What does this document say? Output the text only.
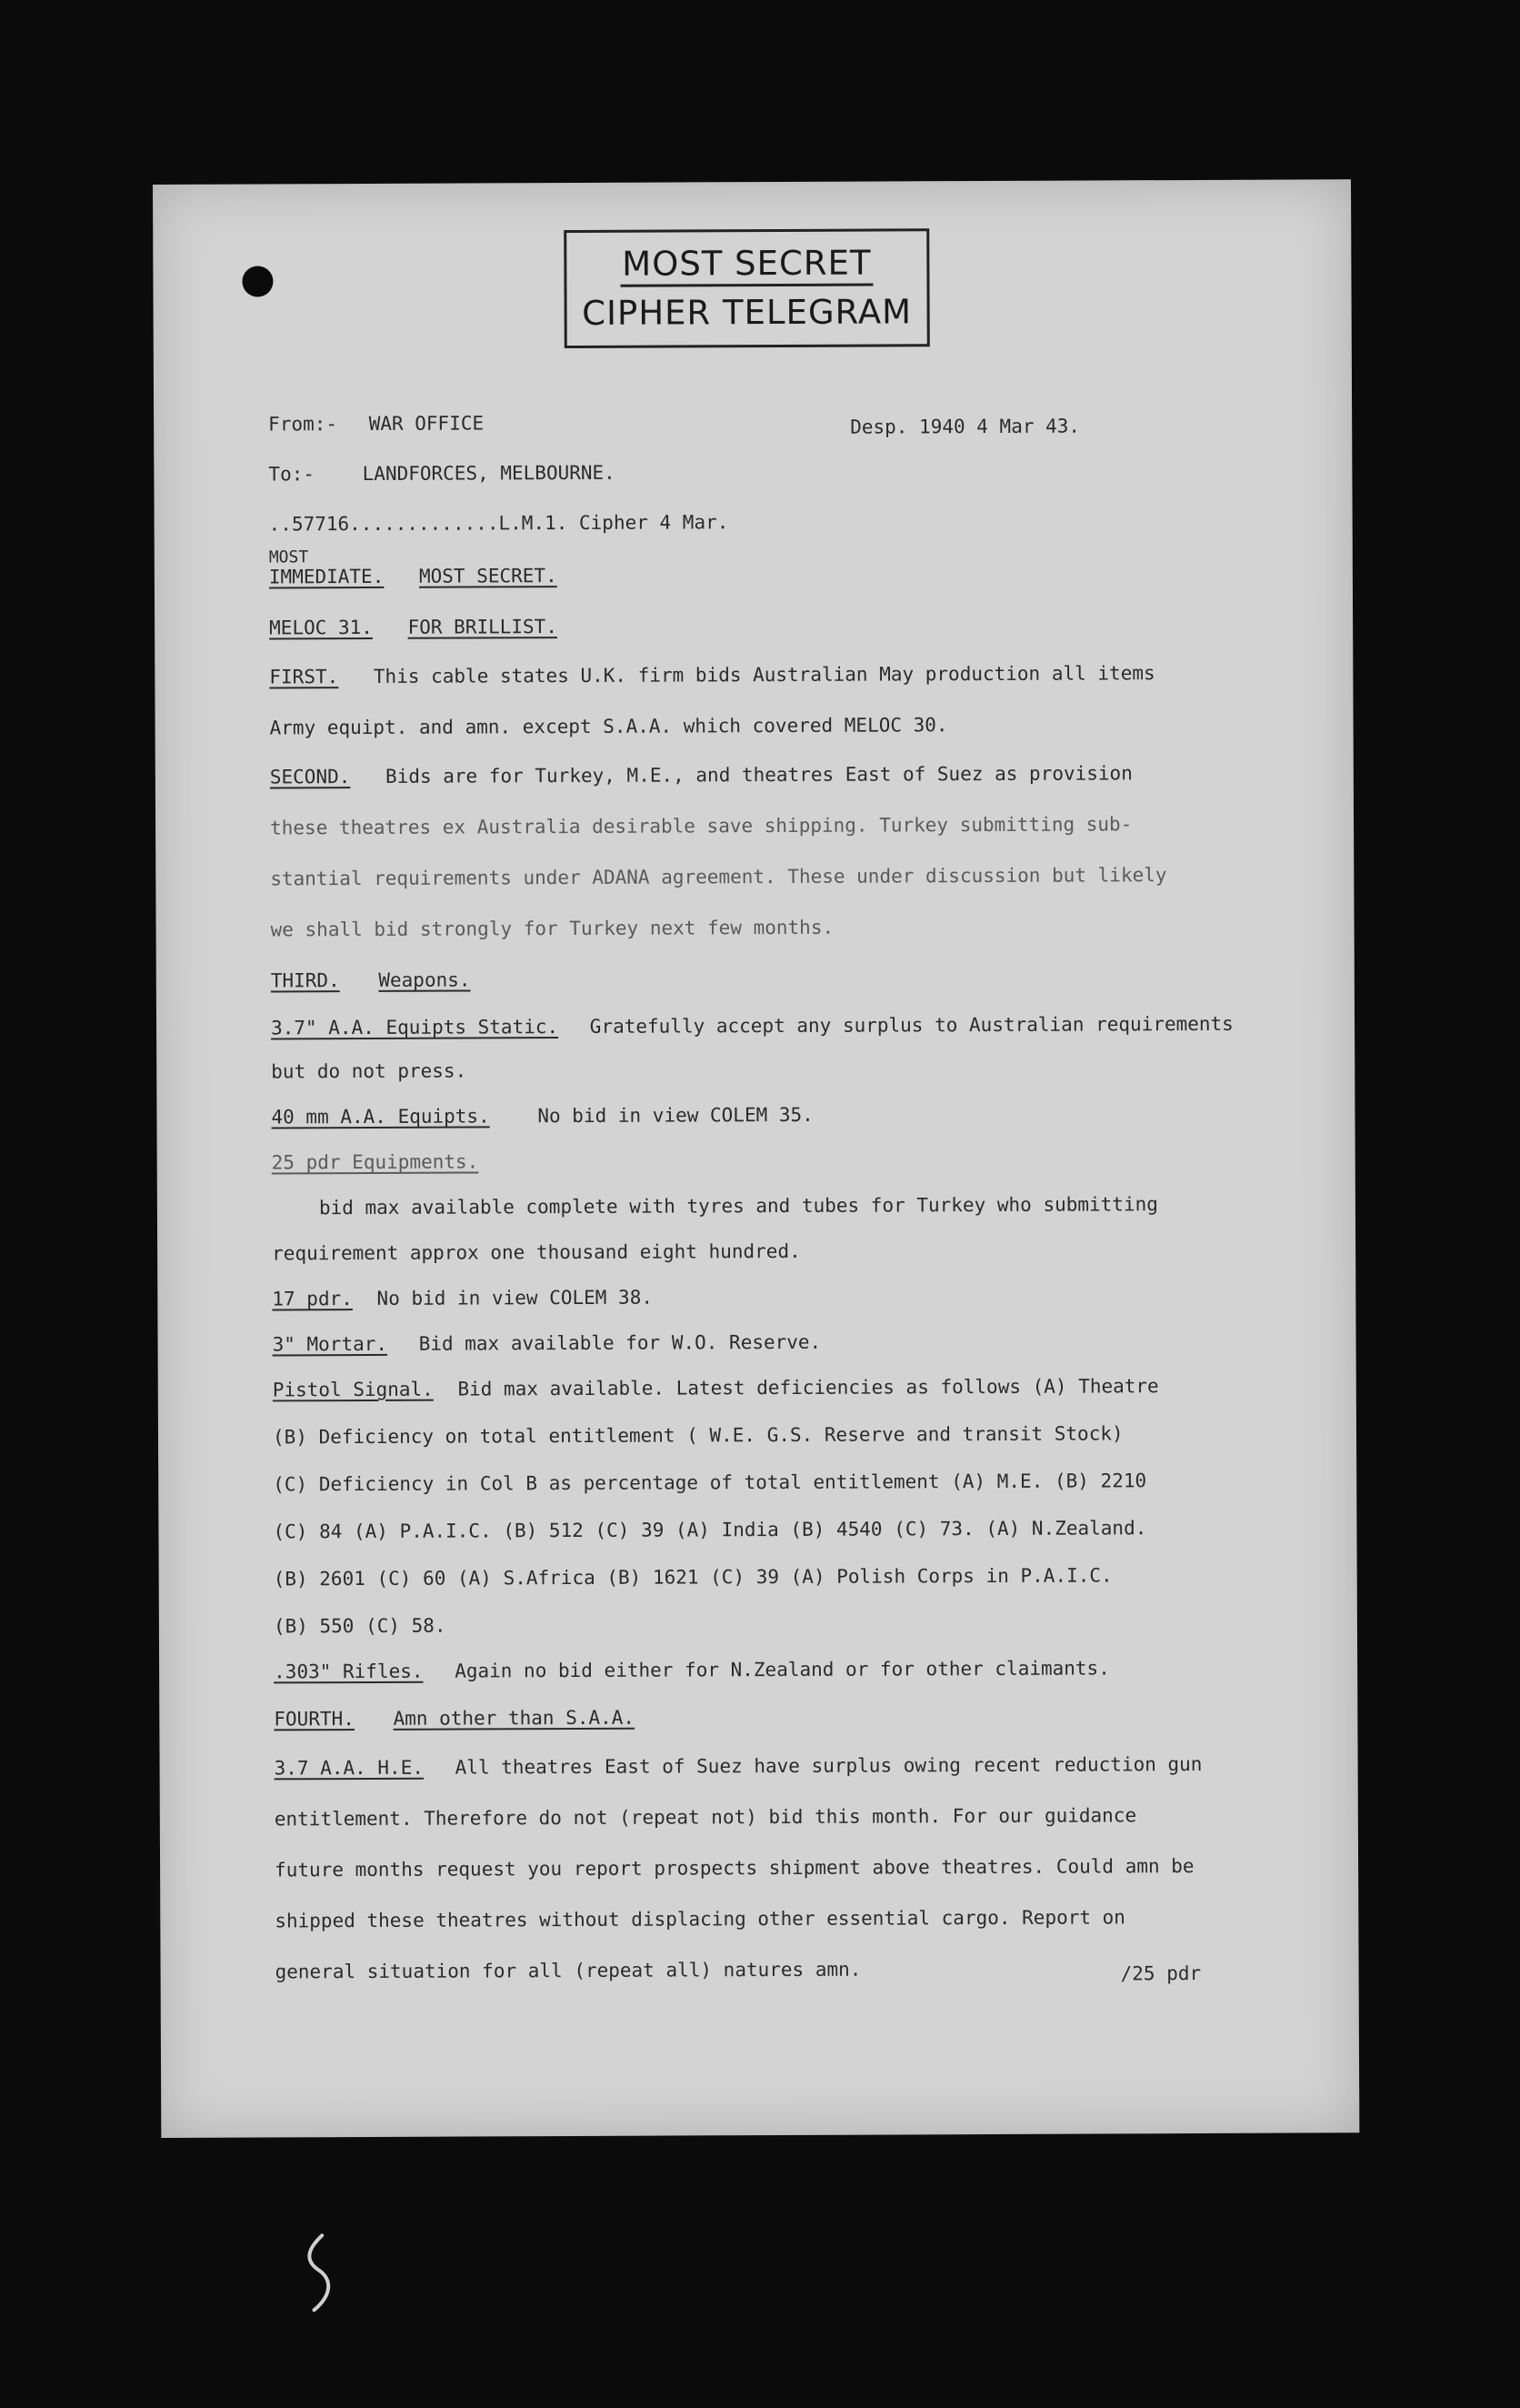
MOST SECRET
CIPHER TELEGRAM
From:- WAR OFFICE	Desp. 1940 4 Mar 43.
To:-	LANDFORCES, MELBOURNE.
..57716.............L.M.1. Cipher 4 Mar.
MOST
IMMEDIATE. MOST SECRET.
MELOC 31. FOR BRILLIST.
FIRST. This cable states U.K. firm bids Australian May production all items
Army equipt. and amn. except S.A.A. which covered MELOC 30.
SECOND. Bids are for Turkey, M.E., and theatres East of Suez as provision
these theatres ex Australia desirable save shipping. Turkey submitting sub-
stantial requirements under ADANA agreement. These under discussion but likely
we shall bid strongly for Turkey next few months.
THIRD. Weapons.
3.7" A.A. Equipts Static. Gratefully accept any surplus to Australian requirements
but do not press.
40 mm A.A. Equipts.	No bid in view COLEM 35.
25 pdr Equipments.
bid max available complete with tyres and tubes for Turkey who submitting
requirement approx one thousand eight hundred.
17 pdr. No bid in view COLEM 38.
3" Mortar. Bid max available for W.O. Reserve.
Pistol Signal. Bid max available. Latest deficiencies as follows (A) Theatre
(B) Deficiency on total entitlement ( W.E. G.S. Reserve and transit Stock)
(C) Deficiency in Col B as percentage of total entitlement (A) M.E. (B) 2210
(C) 84 (A) P.A.I.C. (B) 512 (C) 39 (A) India (B) 4540 (C) 73. (A) N.Zealand.
(B) 2601 (C) 60 (A) S.Africa (B) 1621 (C) 39 (A) Polish Corps in P.A.I.C.
(B) 550 (C) 58.
.303" Rifles. Again no bid either for N.Zealand or for other claimants.
FOURTH. Amn other than S.A.A.
3.7 A.A. H.E. All theatres East of Suez have surplus owing recent reduction gun
entitlement. Therefore do not (repeat not) bid this month. For our guidance
future months request you report prospects shipment above theatres. Could amn be
shipped these theatres without displacing other essential cargo. Report on
general situation for all (repeat all) natures amn.	/25 pdr
